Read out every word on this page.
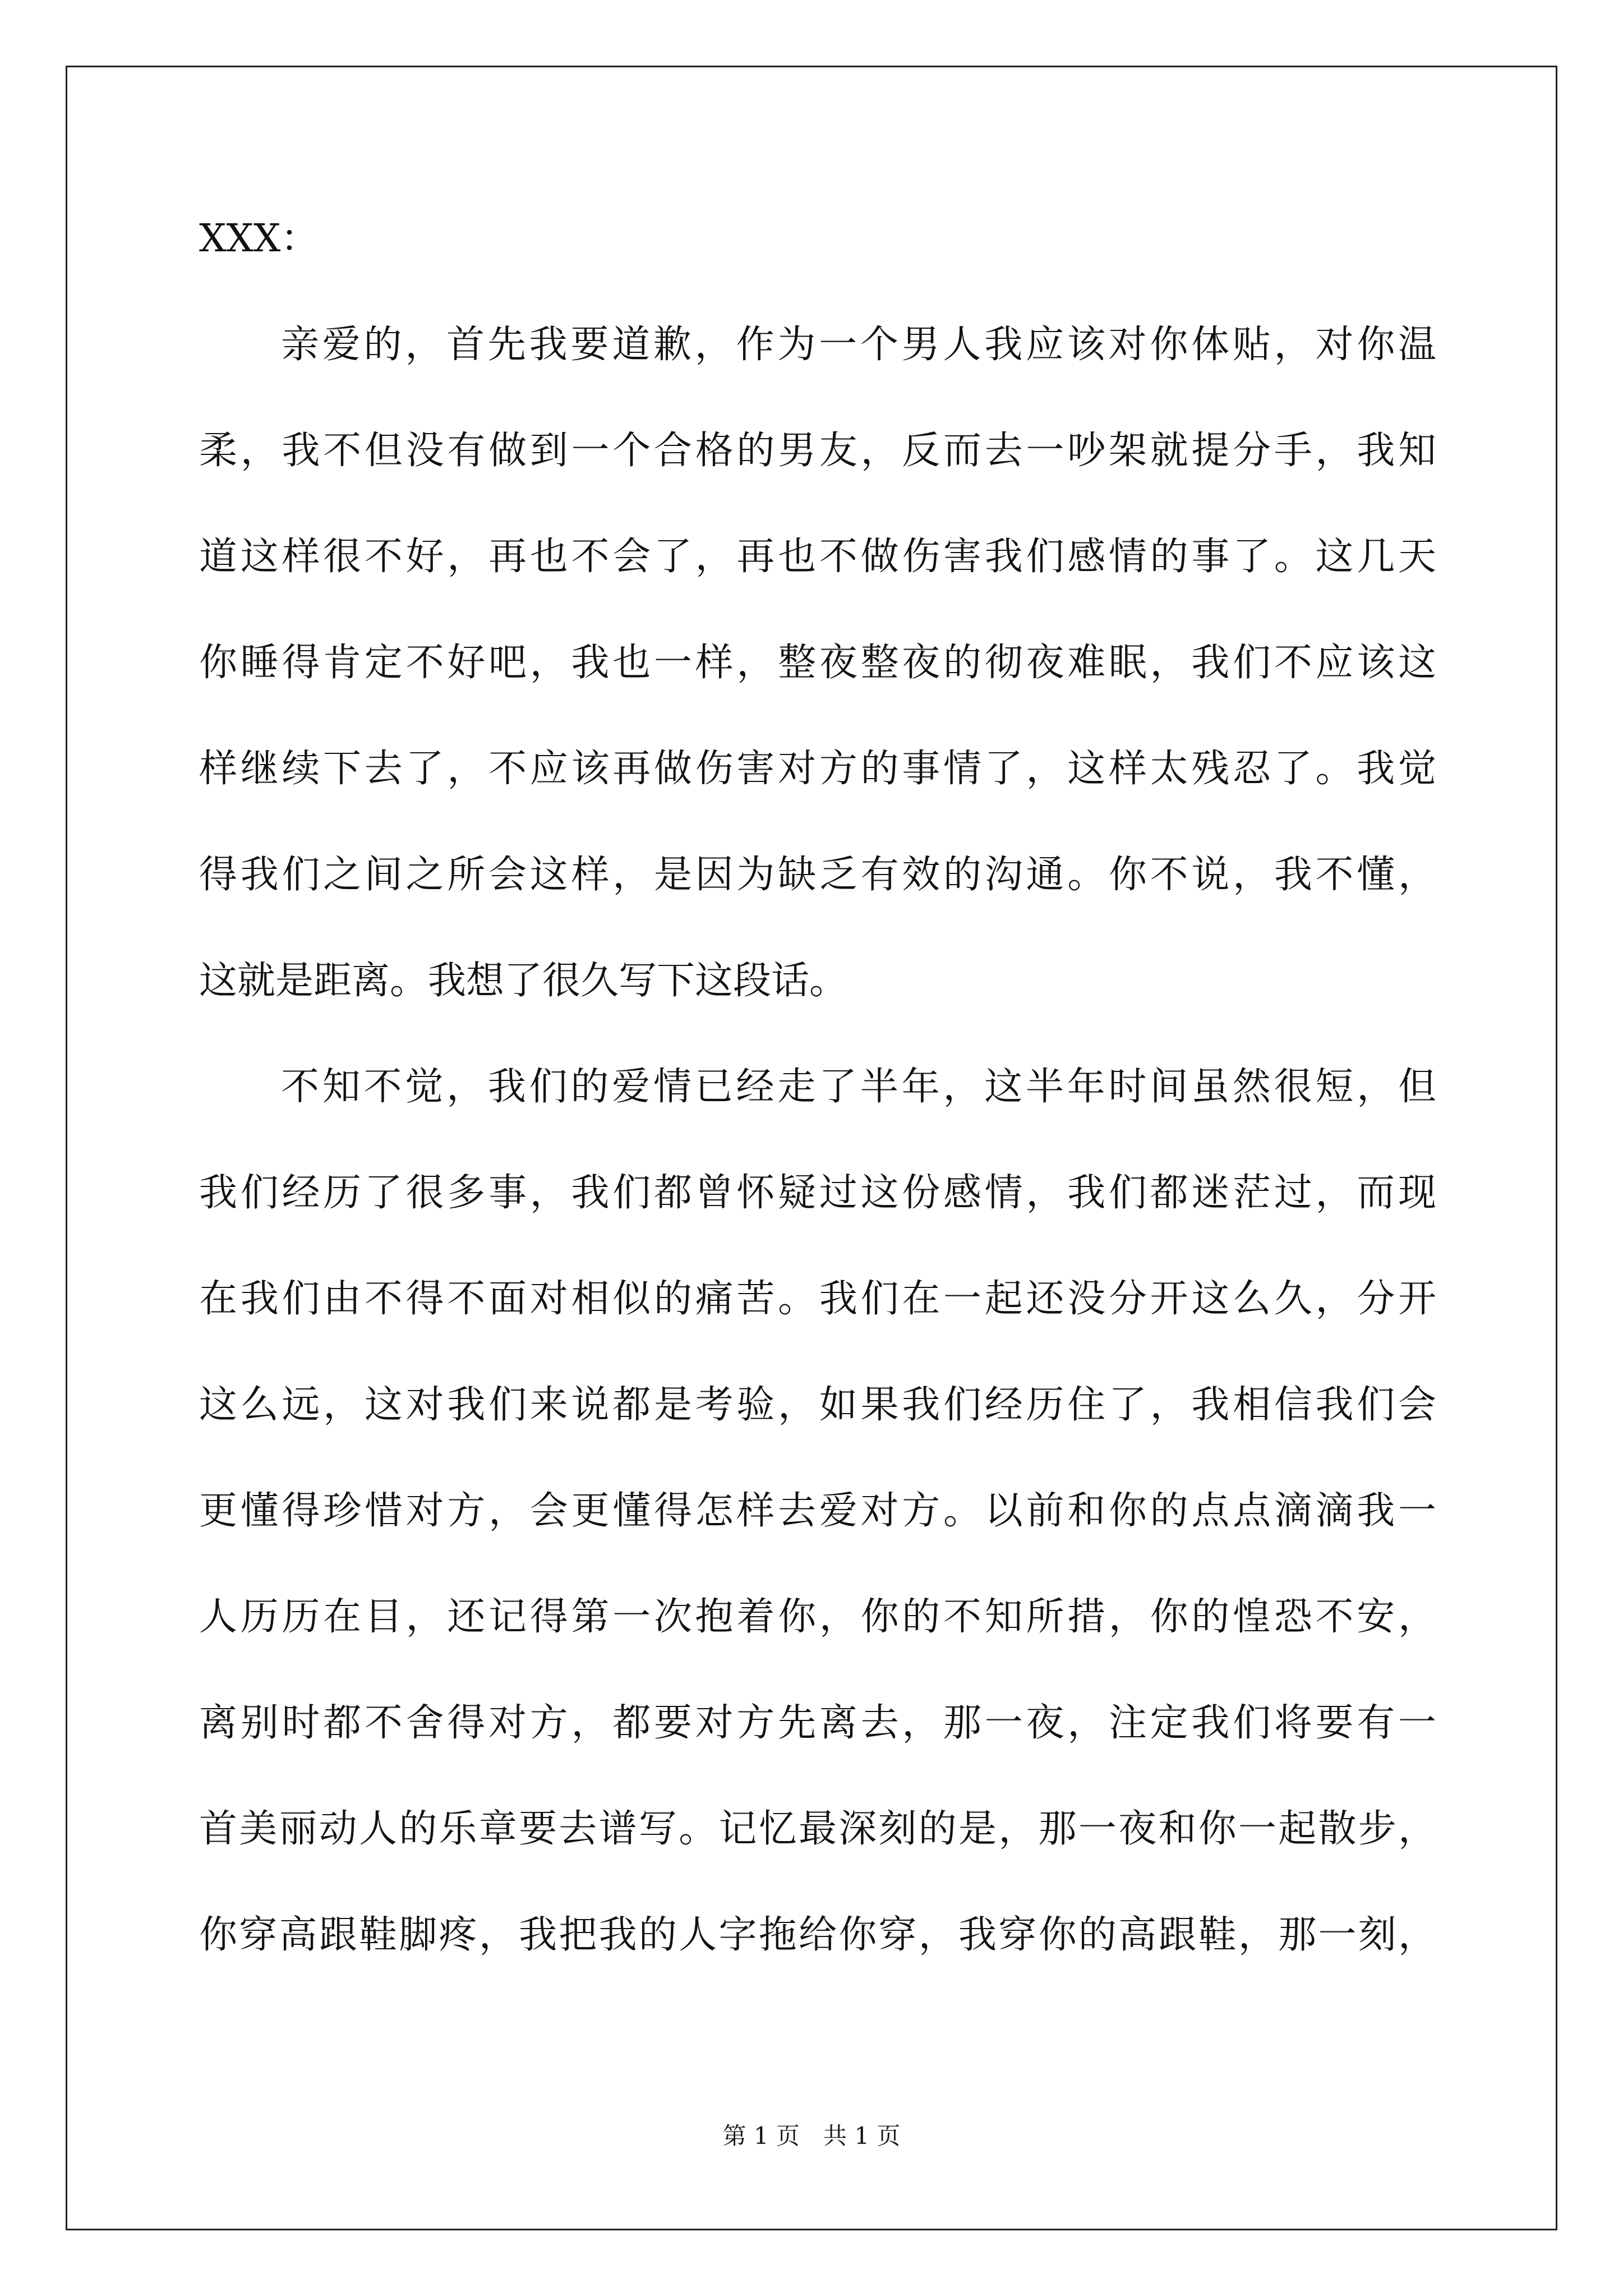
XXX：
亲爱的，首先我要道歉，作为一个男人我应该对你体贴，对你温
柔，我不但没有做到一个合格的男友，反而去一吵架就提分手，我知
道这样很不好，再也不会了，再也不做伤害我们感情的事了。这几天
你睡得肯定不好吧，我也一样，整夜整夜的彻夜难眠，我们不应该这
样继续下去了，不应该再做伤害对方的事情了，这样太残忍了。我觉
得我们之间之所会这样，是因为缺乏有效的沟通。你不说，我不懂，
这就是距离。我想了很久写下这段话。
不知不觉，我们的爱情已经走了半年，这半年时间虽然很短，但
我们经历了很多事，我们都曾怀疑过这份感情，我们都迷茫过，而现
在我们由不得不面对相似的痛苦。我们在一起还没分开这么久，分开
这么远，这对我们来说都是考验，如果我们经历住了，我相信我们会
更懂得珍惜对方，会更懂得怎样去爱对方。以前和你的点点滴滴我一
人历历在目，还记得第一次抱着你，你的不知所措，你的惶恐不安，
离别时都不舍得对方，都要对方先离去，那一夜，注定我们将要有一
首美丽动人的乐章要去谱写。记忆最深刻的是，那一夜和你一起散步，
你穿高跟鞋脚疼，我把我的人字拖给你穿，我穿你的高跟鞋，那一刻，
第 1 页　共 1 页
